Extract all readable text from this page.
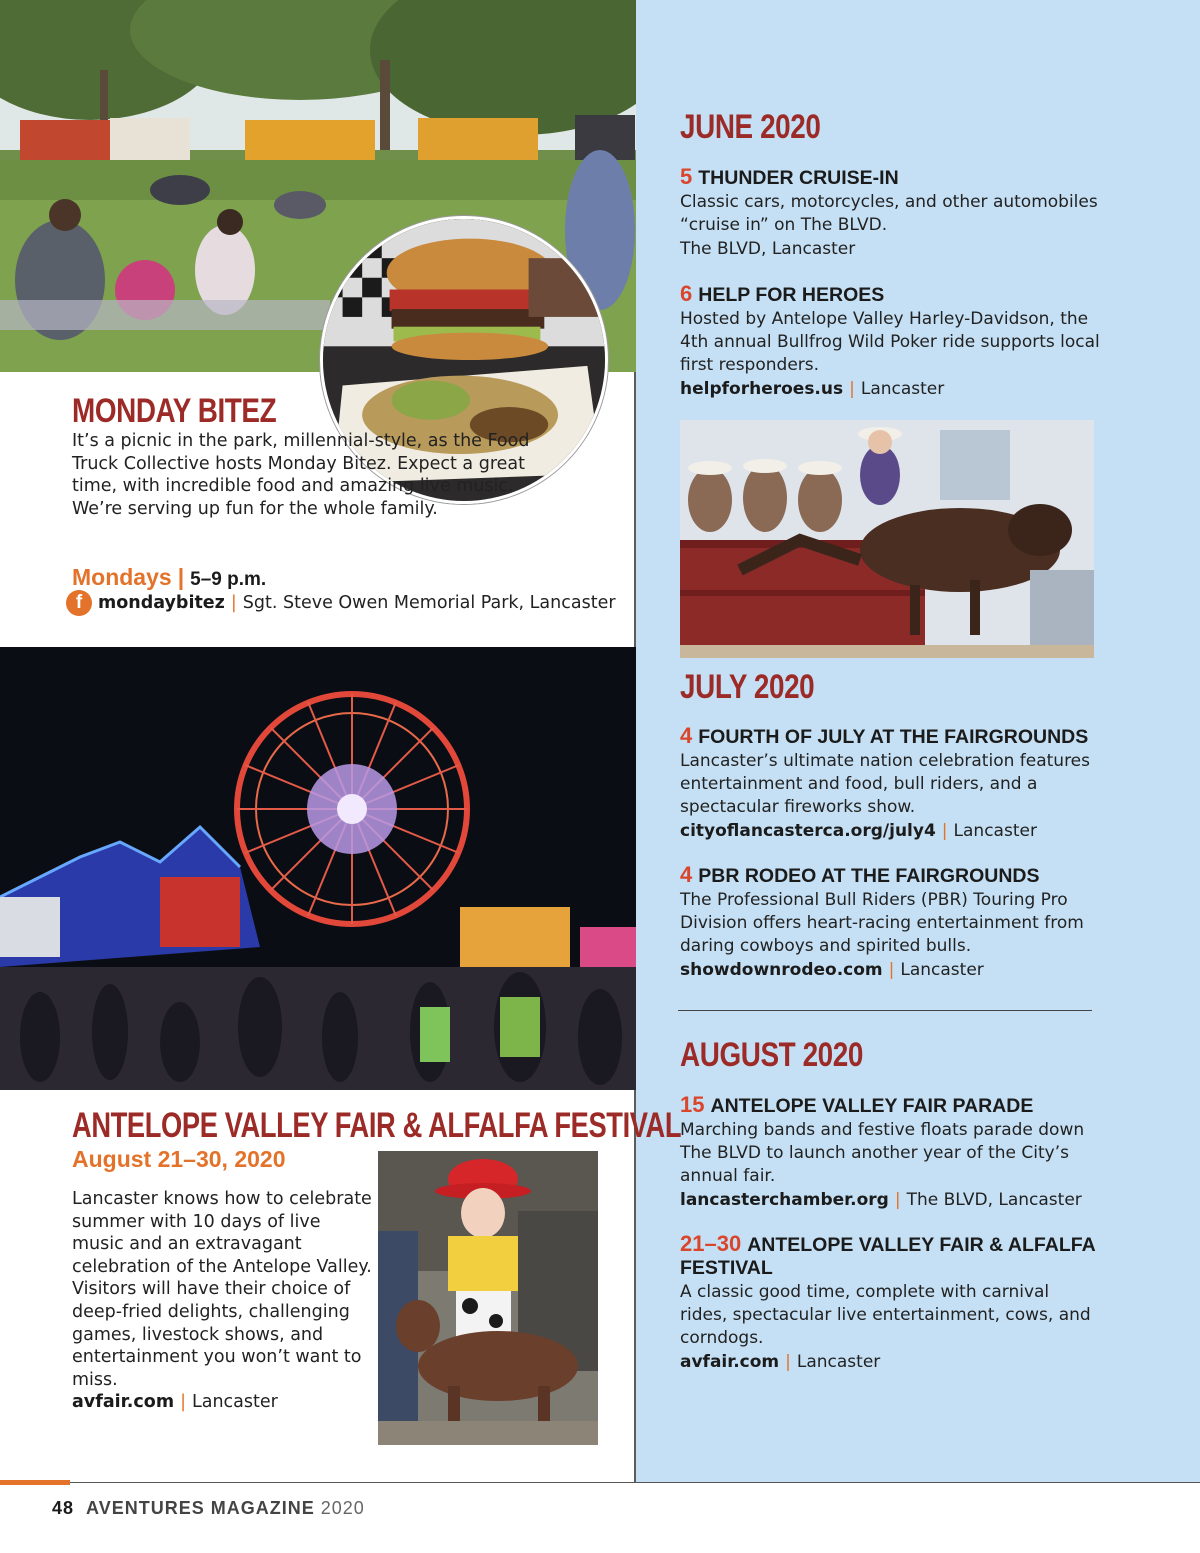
MONDAY BITEZ

It’s a picnic in the park, millennial-style, as the Food Truck Collective hosts Monday Bitez. Expect a great time, with incredible food and amazing live music. We’re serving up fun for the whole family.

Mondays | 5–9 p.m.
f mondaybitez | Sgt. Steve Owen Memorial Park, Lancaster
ANTELOPE VALLEY FAIR & ALFALFA FESTIVAL
August 21–30, 2020

Lancaster knows how to celebrate summer with 10 days of live music and an extravagant celebration of the Antelope Valley. Visitors will have their choice of deep-fried delights, challenging games, livestock shows, and entertainment you won’t want to miss.

avfair.com | Lancaster

JUNE 2020
5 THUNDER CRUISE-IN
Classic cars, motorcycles, and other automobiles “cruise in” on The BLVD.
The BLVD, Lancaster
6 HELP FOR HEROES
Hosted by Antelope Valley Harley-Davidson, the 4th annual Bullfrog Wild Poker ride supports local first responders.
helpforheroes.us | Lancaster
JULY 2020
4 FOURTH OF JULY AT THE FAIRGROUNDS
Lancaster’s ultimate nation celebration features entertainment and food, bull riders, and a spectacular fireworks show.
cityoflancasterca.org/july4 | Lancaster
4 PBR RODEO AT THE FAIRGROUNDS
The Professional Bull Riders (PBR) Touring Pro Division offers heart-racing entertainment from daring cowboys and spirited bulls.
showdownrodeo.com | Lancaster
AUGUST 2020
15 ANTELOPE VALLEY FAIR PARADE
Marching bands and festive floats parade down The BLVD to launch another year of the City’s annual fair.
lancasterchamber.org | The BLVD, Lancaster
21–30 ANTELOPE VALLEY FAIR & ALFALFA FESTIVAL
A classic good time, complete with carnival rides, spectacular live entertainment, cows, and corndogs.
avfair.com | Lancaster
48 AVENTURES MAGAZINE 2020
